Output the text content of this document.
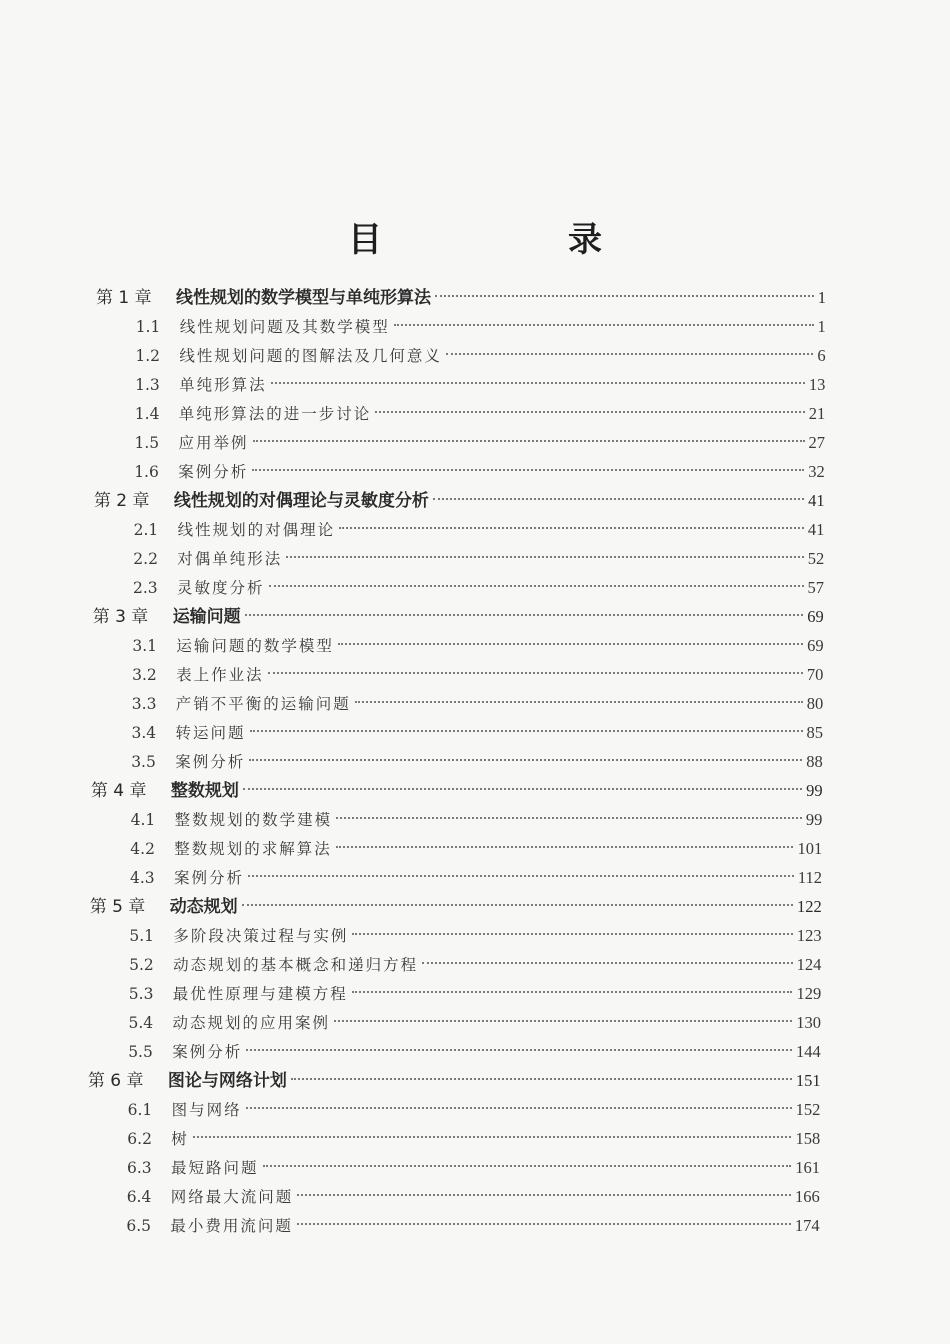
目　录
第 1 章	线性规划的数学模型与单纯形算法	1
1.1	线性规划问题及其数学模型	1
1.2	线性规划问题的图解法及几何意义	6
1.3	单纯形算法	13
1.4	单纯形算法的进一步讨论	21
1.5	应用举例	27
1.6	案例分析	32
第 2 章	线性规划的对偶理论与灵敏度分析	41
2.1	线性规划的对偶理论	41
2.2	对偶单纯形法	52
2.3	灵敏度分析	57
第 3 章	运输问题	69
3.1	运输问题的数学模型	69
3.2	表上作业法	70
3.3	产销不平衡的运输问题	80
3.4	转运问题	85
3.5	案例分析	88
第 4 章	整数规划	99
4.1	整数规划的数学建模	99
4.2	整数规划的求解算法	101
4.3	案例分析	112
第 5 章	动态规划	122
5.1	多阶段决策过程与实例	123
5.2	动态规划的基本概念和递归方程	124
5.3	最优性原理与建模方程	129
5.4	动态规划的应用案例	130
5.5	案例分析	144
第 6 章	图论与网络计划	151
6.1	图与网络	152
6.2	树	158
6.3	最短路问题	161
6.4	网络最大流问题	166
6.5	最小费用流问题	174
